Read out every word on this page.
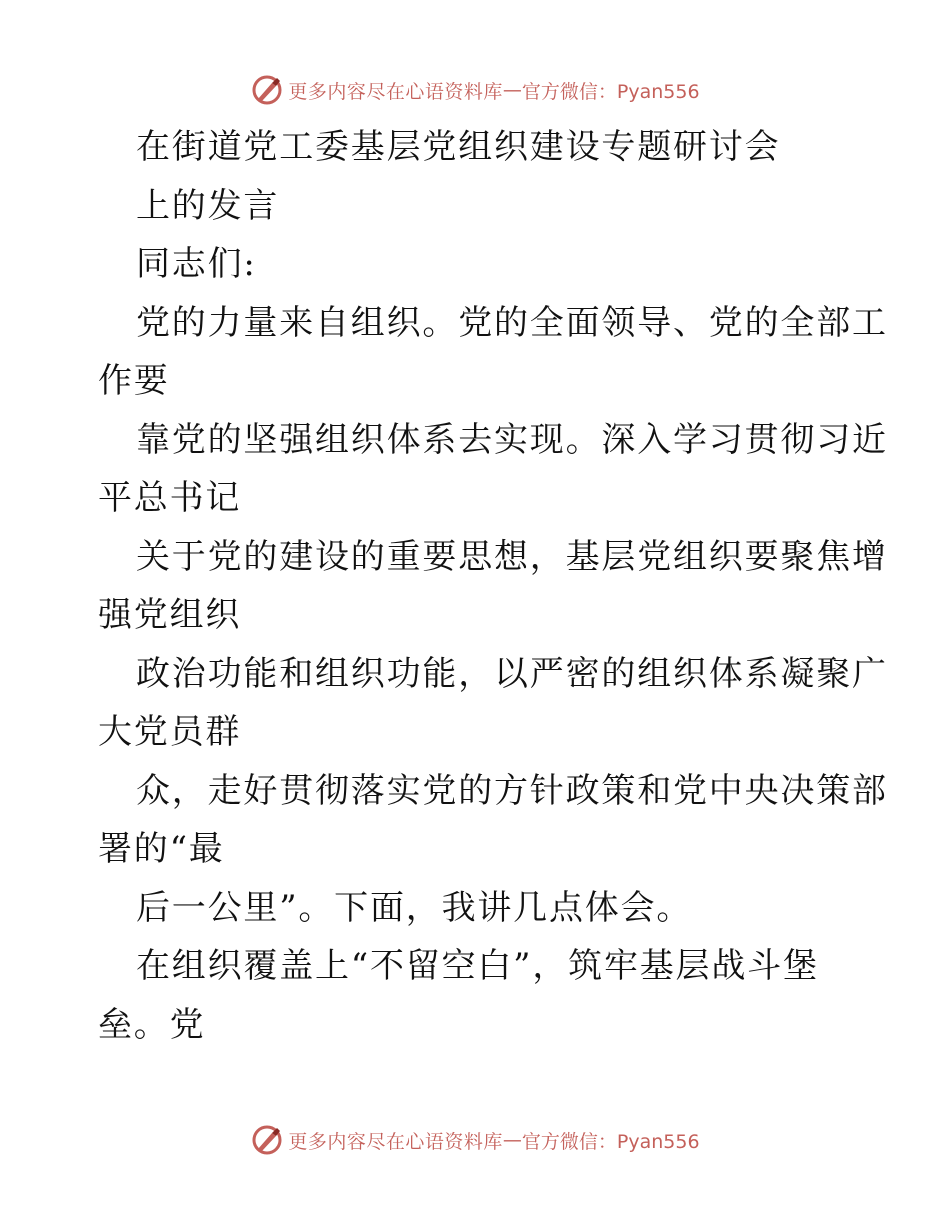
更多内容尽在心语资料库 — 官方微信：Pyan556
在街道党工委基层党组织建设专题研讨会
上的发言
同志们:
党的力量来自组织。党的全面领导、党的全部工
作要
靠党的坚强组织体系去实现。深入学习贯彻习近
平总书记
关于党的建设的重要思想，基层党组织要聚焦增
强党组织
政治功能和组织功能，以严密的组织体系凝聚广
大党员群
众，走好贯彻落实党的方针政策和党中央决策部
署的“最
后一公里”。下面，我讲几点体会。
在组织覆盖上“不留空白”，筑牢基层战斗堡
垒。党
更多内容尽在心语资料库 — 官方微信：Pyan556
